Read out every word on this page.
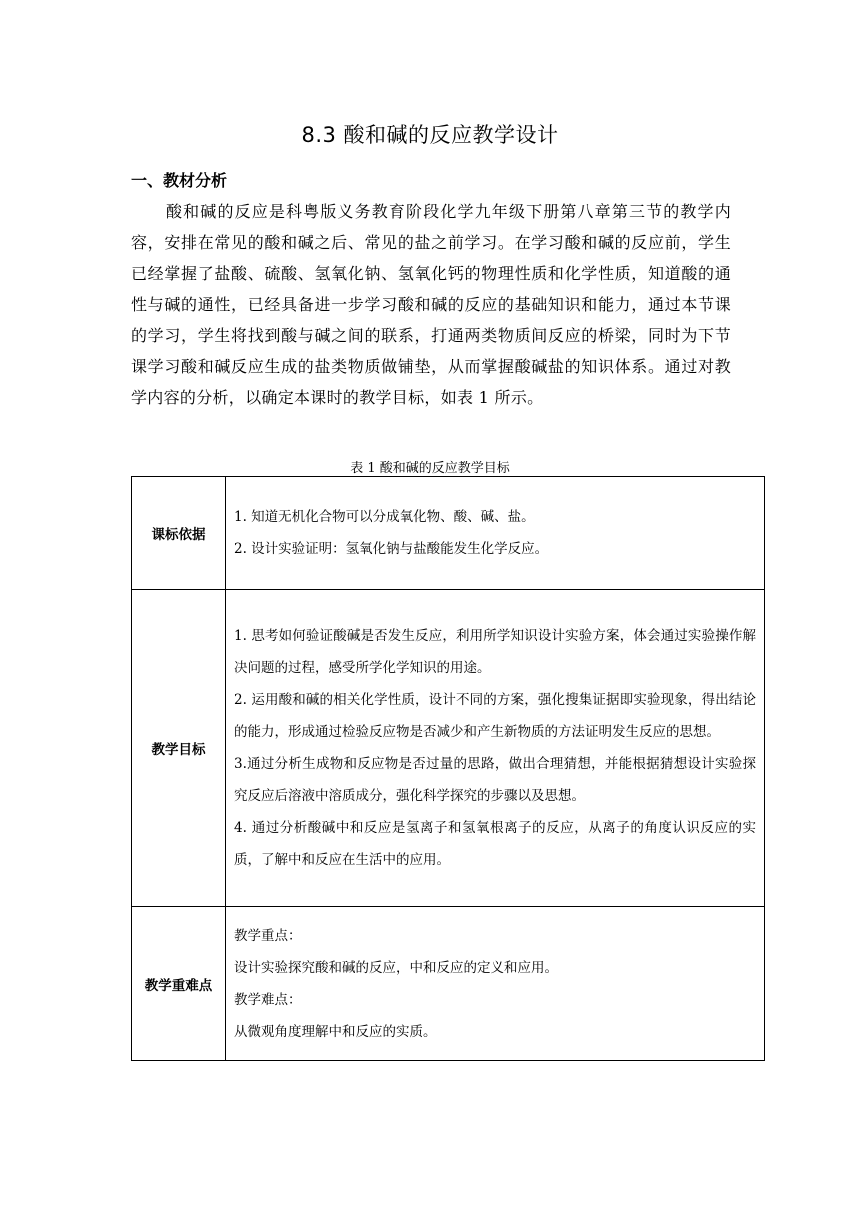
8.3 酸和碱的反应教学设计
一、教材分析
酸和碱的反应是科粤版义务教育阶段化学九年级下册第八章第三节的教学内容，安排在常见的酸和碱之后、常见的盐之前学习。在学习酸和碱的反应前，学生已经掌握了盐酸、硫酸、氢氧化钠、氢氧化钙的物理性质和化学性质，知道酸的通性与碱的通性，已经具备进一步学习酸和碱的反应的基础知识和能力，通过本节课的学习，学生将找到酸与碱之间的联系，打通两类物质间反应的桥梁，同时为下节课学习酸和碱反应生成的盐类物质做铺垫，从而掌握酸碱盐的知识体系。通过对教学内容的分析，以确定本课时的教学目标，如表 1 所示。
表 1 酸和碱的反应教学目标
课标依据	1. 知道无机化合物可以分成氧化物、酸、碱、盐。
2. 设计实验证明：氢氧化钠与盐酸能发生化学反应。

教学目标	1. 思考如何验证酸碱是否发生反应，利用所学知识设计实验方案，体会通过实验操作解决问题的过程，感受所学化学知识的用途。
2. 运用酸和碱的相关化学性质，设计不同的方案，强化搜集证据即实验现象，得出结论的能力，形成通过检验反应物是否减少和产生新物质的方法证明发生反应的思想。
3.通过分析生成物和反应物是否过量的思路，做出合理猜想，并能根据猜想设计实验探究反应后溶液中溶质成分，强化科学探究的步骤以及思想。
4. 通过分析酸碱中和反应是氢离子和氢氧根离子的反应，从离子的角度认识反应的实质，了解中和反应在生活中的应用。

教学重难点	教学重点：
设计实验探究酸和碱的反应，中和反应的定义和应用。
教学难点：
从微观角度理解中和反应的实质。
